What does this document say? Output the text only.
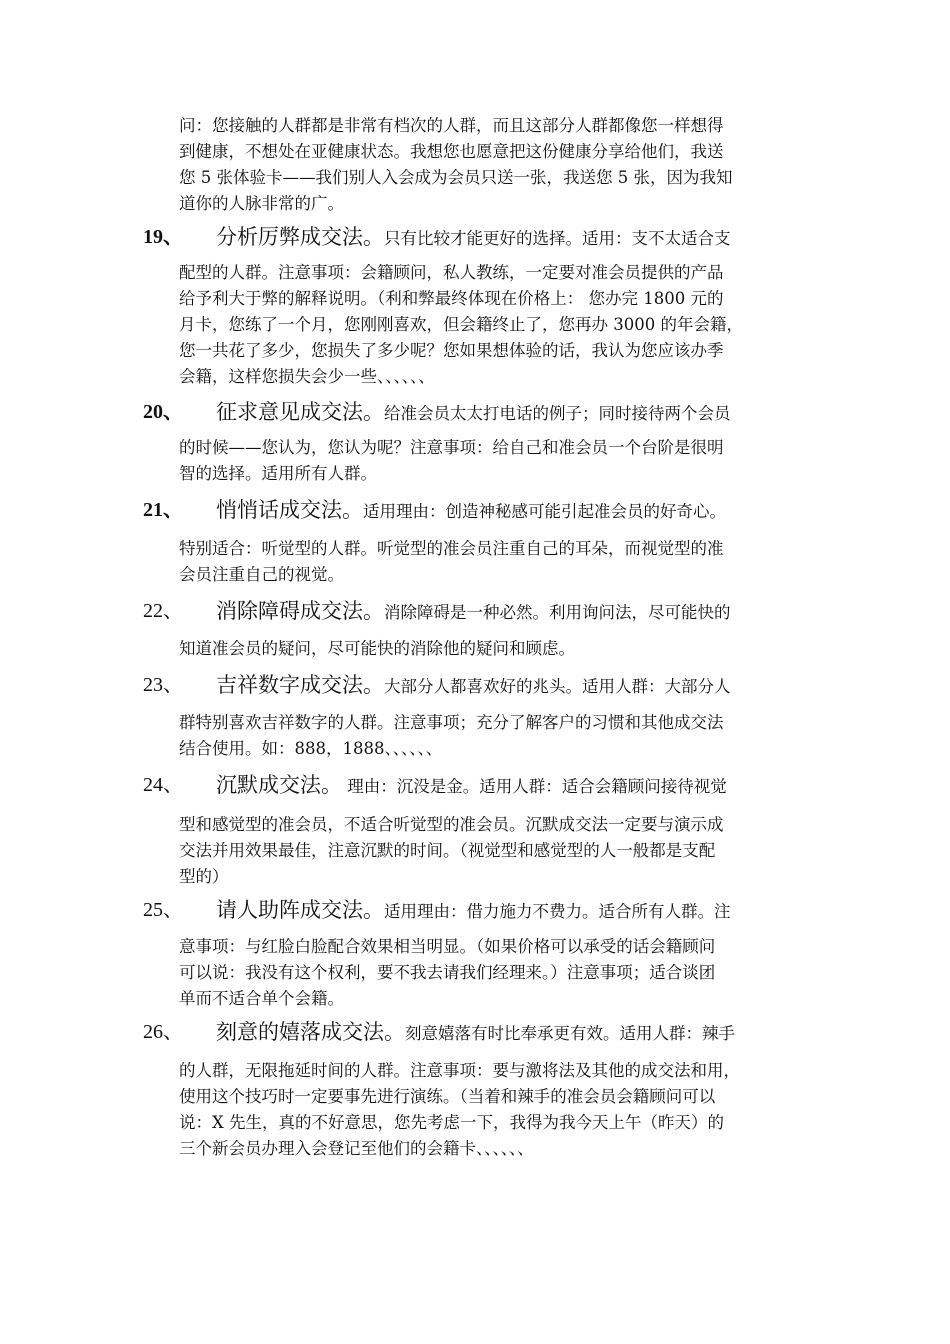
问：您接触的人群都是非常有档次的人群，而且这部分人群都像您一样想得
到健康，不想处在亚健康状态。我想您也愿意把这份健康分享给他们，我送
您 5 张体验卡——我们别人入会成为会员只送一张，我送您 5 张，因为我知
道你的人脉非常的广。
19、 分析厉弊成交法。只有比较才能更好的选择。适用：支不太适合支
配型的人群。注意事项：会籍顾问，私人教练，一定要对准会员提供的产品
给予利大于弊的解释说明。（利和弊最终体现在价格上： 您办完 1800 元的
月卡，您练了一个月，您刚刚喜欢，但会籍终止了，您再办 3000 的年会籍，
您一共花了多少，您损失了多少呢？您如果想体验的话，我认为您应该办季
会籍，这样您损失会少一些、、、、、、
20、 征求意见成交法。给准会员太太打电话的例子；同时接待两个会员
的时候——您认为，您认为呢？注意事项：给自己和准会员一个台阶是很明
智的选择。适用所有人群。
21、 悄悄话成交法。适用理由：创造神秘感可能引起准会员的好奇心。
特别适合：听觉型的人群。听觉型的准会员注重自己的耳朵，而视觉型的准
会员注重自己的视觉。
22、 消除障碍成交法。消除障碍是一种必然。利用询问法，尽可能快的
知道准会员的疑问，尽可能快的消除他的疑问和顾虑。
23、 吉祥数字成交法。大部分人都喜欢好的兆头。适用人群：大部分人
群特别喜欢吉祥数字的人群。注意事项；充分了解客户的习惯和其他成交法
结合使用。如：888，1888、、、、、、
24、 沉默成交法。 理由：沉没是金。适用人群：适合会籍顾问接待视觉
型和感觉型的准会员，不适合听觉型的准会员。沉默成交法一定要与演示成
交法并用效果最佳，注意沉默的时间。（视觉型和感觉型的人一般都是支配
型的）
25、 请人助阵成交法。适用理由：借力施力不费力。适合所有人群。注
意事项：与红脸白脸配合效果相当明显。（如果价格可以承受的话会籍顾问
可以说：我没有这个权利，要不我去请我们经理来。）注意事项；适合谈团
单而不适合单个会籍。
26、 刻意的嬉落成交法。刻意嬉落有时比奉承更有效。适用人群：辣手
的人群，无限拖延时间的人群。注意事项：要与激将法及其他的成交法和用，
使用这个技巧时一定要事先进行演练。（当着和辣手的准会员会籍顾问可以
说：X 先生，真的不好意思，您先考虑一下，我得为我今天上午（昨天）的
三个新会员办理入会登记至他们的会籍卡、、、、、、
